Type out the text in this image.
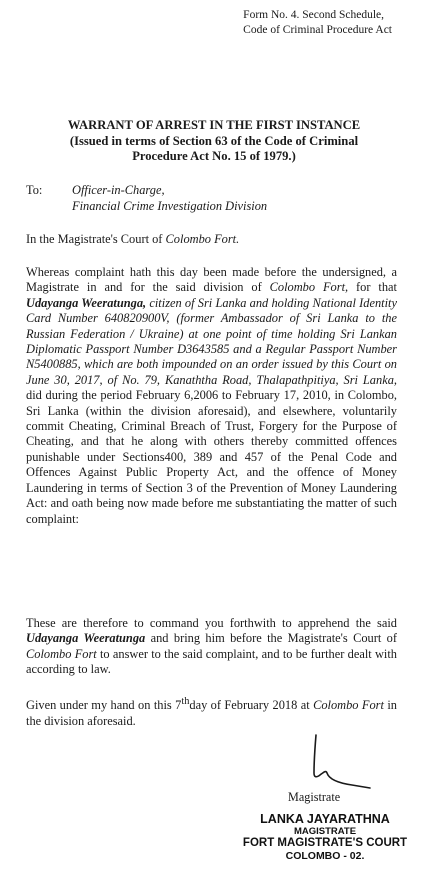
Form No. 4. Second Schedule,
Code of Criminal Procedure Act
WARRANT OF ARREST IN THE FIRST INSTANCE
(Issued in terms of Section 63 of the Code of Criminal
Procedure Act No. 15 of 1979.)
To: Officer-in-Charge,
Financial Crime Investigation Division
In the Magistrate's Court of Colombo Fort.
Whereas complaint hath this day been made before the undersigned, a Magistrate in and for the said division of Colombo Fort, for that Udayanga Weeratunga, citizen of Sri Lanka and holding National Identity Card Number 640820900V, (former Ambassador of Sri Lanka to the Russian Federation / Ukraine) at one point of time holding Sri Lankan Diplomatic Passport Number D3643585 and a Regular Passport Number N5400885, which are both impounded on an order issued by this Court on June 30, 2017, of No. 79, Kanaththa Road, Thalapathpitiya, Sri Lanka, did during the period February 6,2006 to February 17, 2010, in Colombo, Sri Lanka (within the division aforesaid), and elsewhere, voluntarily commit Cheating, Criminal Breach of Trust, Forgery for the Purpose of Cheating, and that he along with others thereby committed offences punishable under Sections400, 389 and 457 of the Penal Code and Offences Against Public Property Act, and the offence of Money Laundering in terms of Section 3 of the Prevention of Money Laundering Act: and oath being now made before me substantiating the matter of such complaint:
These are therefore to command you forthwith to apprehend the said Udayanga Weeratunga and bring him before the Magistrate's Court of Colombo Fort to answer to the said complaint, and to be further dealt with according to law.
Given under my hand on this 7thday of February 2018 at Colombo Fort in the division aforesaid.
Magistrate
LANKA JAYARATHNA
MAGISTRATE
FORT MAGISTRATE'S COURT
COLOMBO - 02.
